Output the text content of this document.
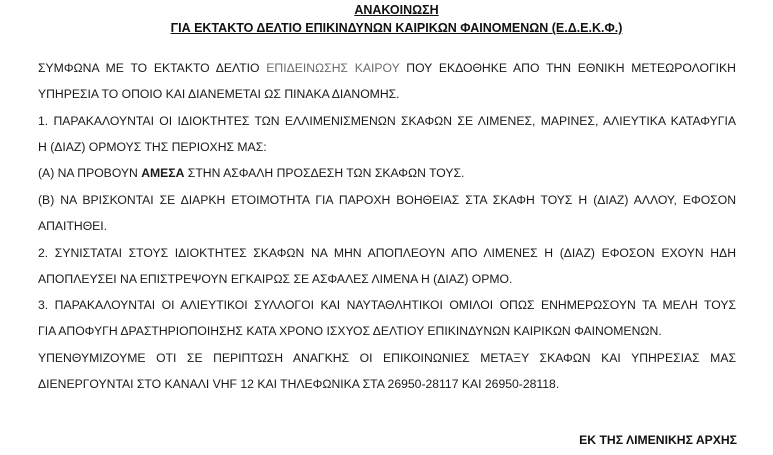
ΑΝΑΚΟΙΝΩΣΗ
ΓΙΑ ΕΚΤΑΚΤΟ ΔΕΛΤΙΟ ΕΠΙΚΙΝΔΥΝΩΝ ΚΑΙΡΙΚΩΝ ΦΑΙΝΟΜΕΝΩΝ (Ε.Δ.Ε.Κ.Φ.)
ΣΥΜΦΩΝΑ ΜΕ ΤΟ ΕΚΤΑΚΤΟ ΔΕΛΤΙΟ ΕΠΙΔΕΙΝΩΣΗΣ ΚΑΙΡΟΥ ΠΟΥ ΕΚΔΟΘΗΚΕ ΑΠΟ ΤΗΝ ΕΘΝΙΚΗ ΜΕΤΕΩΡΟΛΟΓΙΚΗ
ΥΠΗΡΕΣΙΑ ΤΟ ΟΠΟΙΟ ΚΑΙ ΔΙΑΝΕΜΕΤΑΙ ΩΣ ΠΙΝΑΚΑ ΔΙΑΝΟΜΗΣ.
1. ΠΑΡΑΚΑΛΟΥΝΤΑΙ ΟΙ ΙΔΙΟΚΤΗΤΕΣ ΤΩΝ ΕΛΛΙΜΕΝΙΣΜΕΝΩΝ ΣΚΑΦΩΝ ΣΕ ΛΙΜΕΝΕΣ, ΜΑΡΙΝΕΣ, ΑΛΙΕΥΤΙΚΑ ΚΑΤΑΦΥΓΙΑ
Η (ΔΙΑΖ) ΟΡΜΟΥΣ ΤΗΣ ΠΕΡΙΟΧΗΣ ΜΑΣ:
(Α) ΝΑ ΠΡΟΒΟΥΝ ΑΜΕΣΑ ΣΤΗΝ ΑΣΦΑΛΗ ΠΡΟΣΔΕΣΗ ΤΩΝ ΣΚΑΦΩΝ ΤΟΥΣ.
(Β) ΝΑ ΒΡΙΣΚΟΝΤΑΙ ΣΕ ΔΙΑΡΚΗ ΕΤΟΙΜΟΤΗΤΑ ΓΙΑ ΠΑΡΟΧΗ ΒΟΗΘΕΙΑΣ ΣΤΑ ΣΚΑΦΗ ΤΟΥΣ Η (ΔΙΑΖ) ΑΛΛΟΥ, ΕΦΟΣΟΝ
ΑΠΑΙΤΗΘΕΙ.
2. ΣΥΝΙΣΤΑΤΑΙ ΣΤΟΥΣ ΙΔΙΟΚΤΗΤΕΣ ΣΚΑΦΩΝ ΝΑ ΜΗΝ ΑΠΟΠΛΕΟΥΝ ΑΠΟ ΛΙΜΕΝΕΣ Η (ΔΙΑΖ) ΕΦΟΣΟΝ ΕΧΟΥΝ ΗΔΗ
ΑΠΟΠΛΕΥΣΕΙ ΝΑ ΕΠΙΣΤΡΕΨΟΥΝ ΕΓΚΑΙΡΩΣ ΣΕ ΑΣΦΑΛΕΣ ΛΙΜΕΝΑ Η (ΔΙΑΖ) ΟΡΜΟ.
3. ΠΑΡΑΚΑΛΟΥΝΤΑΙ ΟΙ ΑΛΙΕΥΤΙΚΟΙ ΣΥΛΛΟΓΟΙ ΚΑΙ ΝΑΥΤΑΘΛΗΤΙΚΟΙ ΟΜΙΛΟΙ ΟΠΩΣ ΕΝΗΜΕΡΩΣΟΥΝ ΤΑ ΜΕΛΗ ΤΟΥΣ
ΓΙΑ ΑΠΟΦΥΓΗ ΔΡΑΣΤΗΡΙΟΠΟΙΗΣΗΣ ΚΑΤΑ ΧΡΟΝΟ ΙΣΧΥΟΣ ΔΕΛΤΙΟΥ ΕΠΙΚΙΝΔΥΝΩΝ ΚΑΙΡΙΚΩΝ ΦΑΙΝΟΜΕΝΩΝ.
ΥΠΕΝΘΥΜΙΖΟΥΜΕ ΟΤΙ ΣΕ ΠΕΡΙΠΤΩΣΗ ΑΝΑΓΚΗΣ ΟΙ ΕΠΙΚΟΙΝΩΝΙΕΣ ΜΕΤΑΞΥ ΣΚΑΦΩΝ ΚΑΙ ΥΠΗΡΕΣΙΑΣ ΜΑΣ
ΔΙΕΝΕΡΓΟΥΝΤΑΙ ΣΤΟ ΚΑΝΑΛΙ VHF 12 ΚΑΙ ΤΗΛΕΦΩΝΙΚΑ ΣΤΑ 26950-28117 ΚΑΙ 26950-28118.
ΕΚ ΤΗΣ ΛΙΜΕΝΙΚΗΣ ΑΡΧΗΣ
